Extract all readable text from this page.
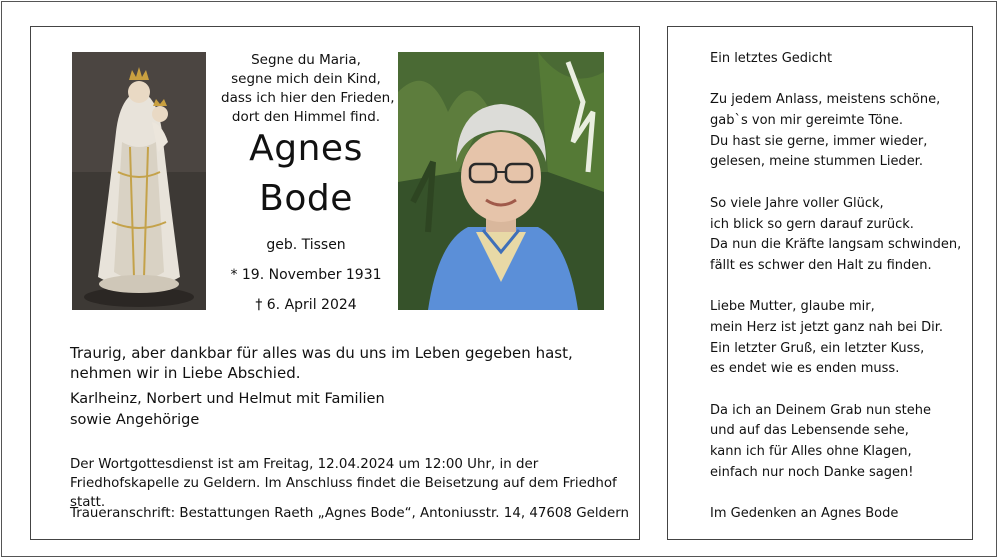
Segne du Maria,
segne mich dein Kind,
dass ich hier den Frieden,
dort den Himmel find.
Agnes
Bode
geb. Tissen
* 19. November 1931
† 6. April 2024
Traurig, aber dankbar für alles was du uns im Leben gegeben hast, nehmen wir in Liebe Abschied.
Karlheinz, Norbert und Helmut mit Familien
sowie Angehörige
Der Wortgottesdienst ist am Freitag, 12.04.2024 um 12:00 Uhr, in der Friedhofskapelle zu Geldern. Im Anschluss findet die Beisetzung auf dem Friedhof statt.
Traueranschrift: Bestattungen Raeth „Agnes Bode“, Antoniusstr. 14, 47608 Geldern
Ein letztes Gedicht
Zu jedem Anlass, meistens schöne,
gab`s von mir gereimte Töne.
Du hast sie gerne, immer wieder,
gelesen, meine stummen Lieder.
So viele Jahre voller Glück,
ich blick so gern darauf zurück.
Da nun die Kräfte langsam schwinden,
fällt es schwer den Halt zu finden.
Liebe Mutter, glaube mir,
mein Herz ist jetzt ganz nah bei Dir.
Ein letzter Gruß, ein letzter Kuss,
es endet wie es enden muss.
Da ich an Deinem Grab nun stehe
und auf das Lebensende sehe,
kann ich für Alles ohne Klagen,
einfach nur noch Danke sagen!
Im Gedenken an Agnes Bode
